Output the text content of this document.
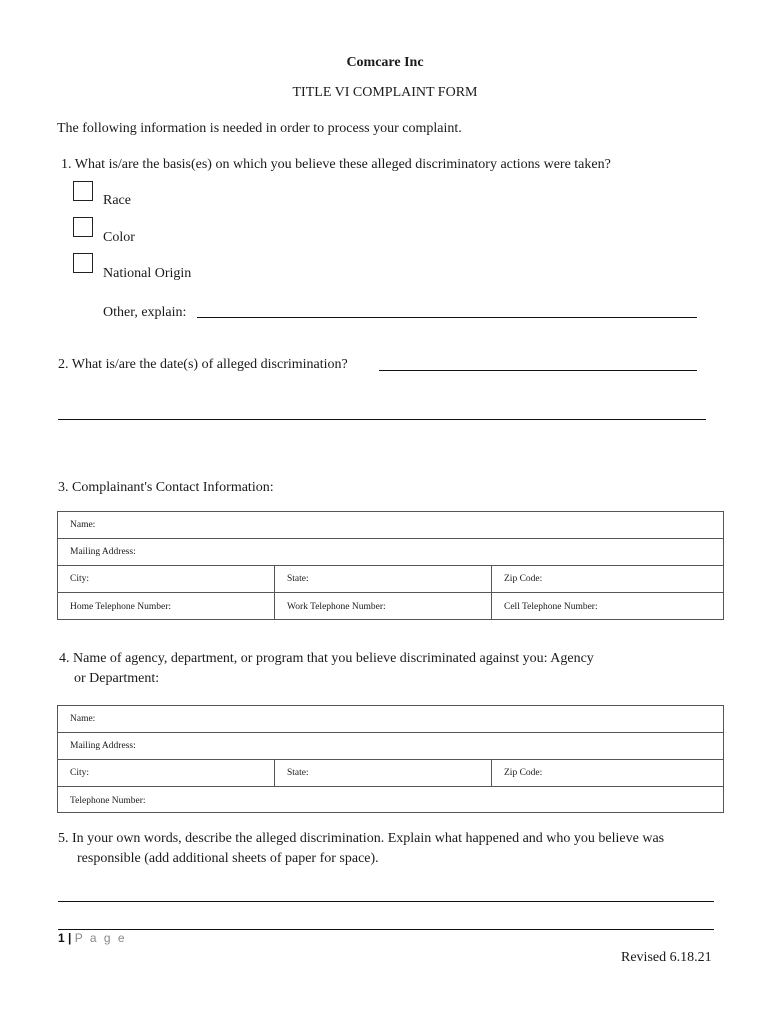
Comcare Inc
TITLE VI COMPLAINT FORM
The following information is needed in order to process your complaint.
1. What is/are the basis(es) on which you believe these alleged discriminatory actions were taken?
Race
Color
National Origin
Other, explain:
2. What is/are the date(s) of alleged discrimination?
3. Complainant's Contact Information:
Name:
Mailing Address:
City:	State:	Zip Code:
Home Telephone Number:	Work Telephone Number:	Cell Telephone Number:
4. Name of agency, department, or program that you believe discriminated against you: Agency
or Department:
Name:
Mailing Address:
City:	State:	Zip Code:
Telephone Number:
5. In your own words, describe the alleged discrimination. Explain what happened and who you believe was
responsible (add additional sheets of paper for space).
1 | P a g e
Revised 6.18.21
